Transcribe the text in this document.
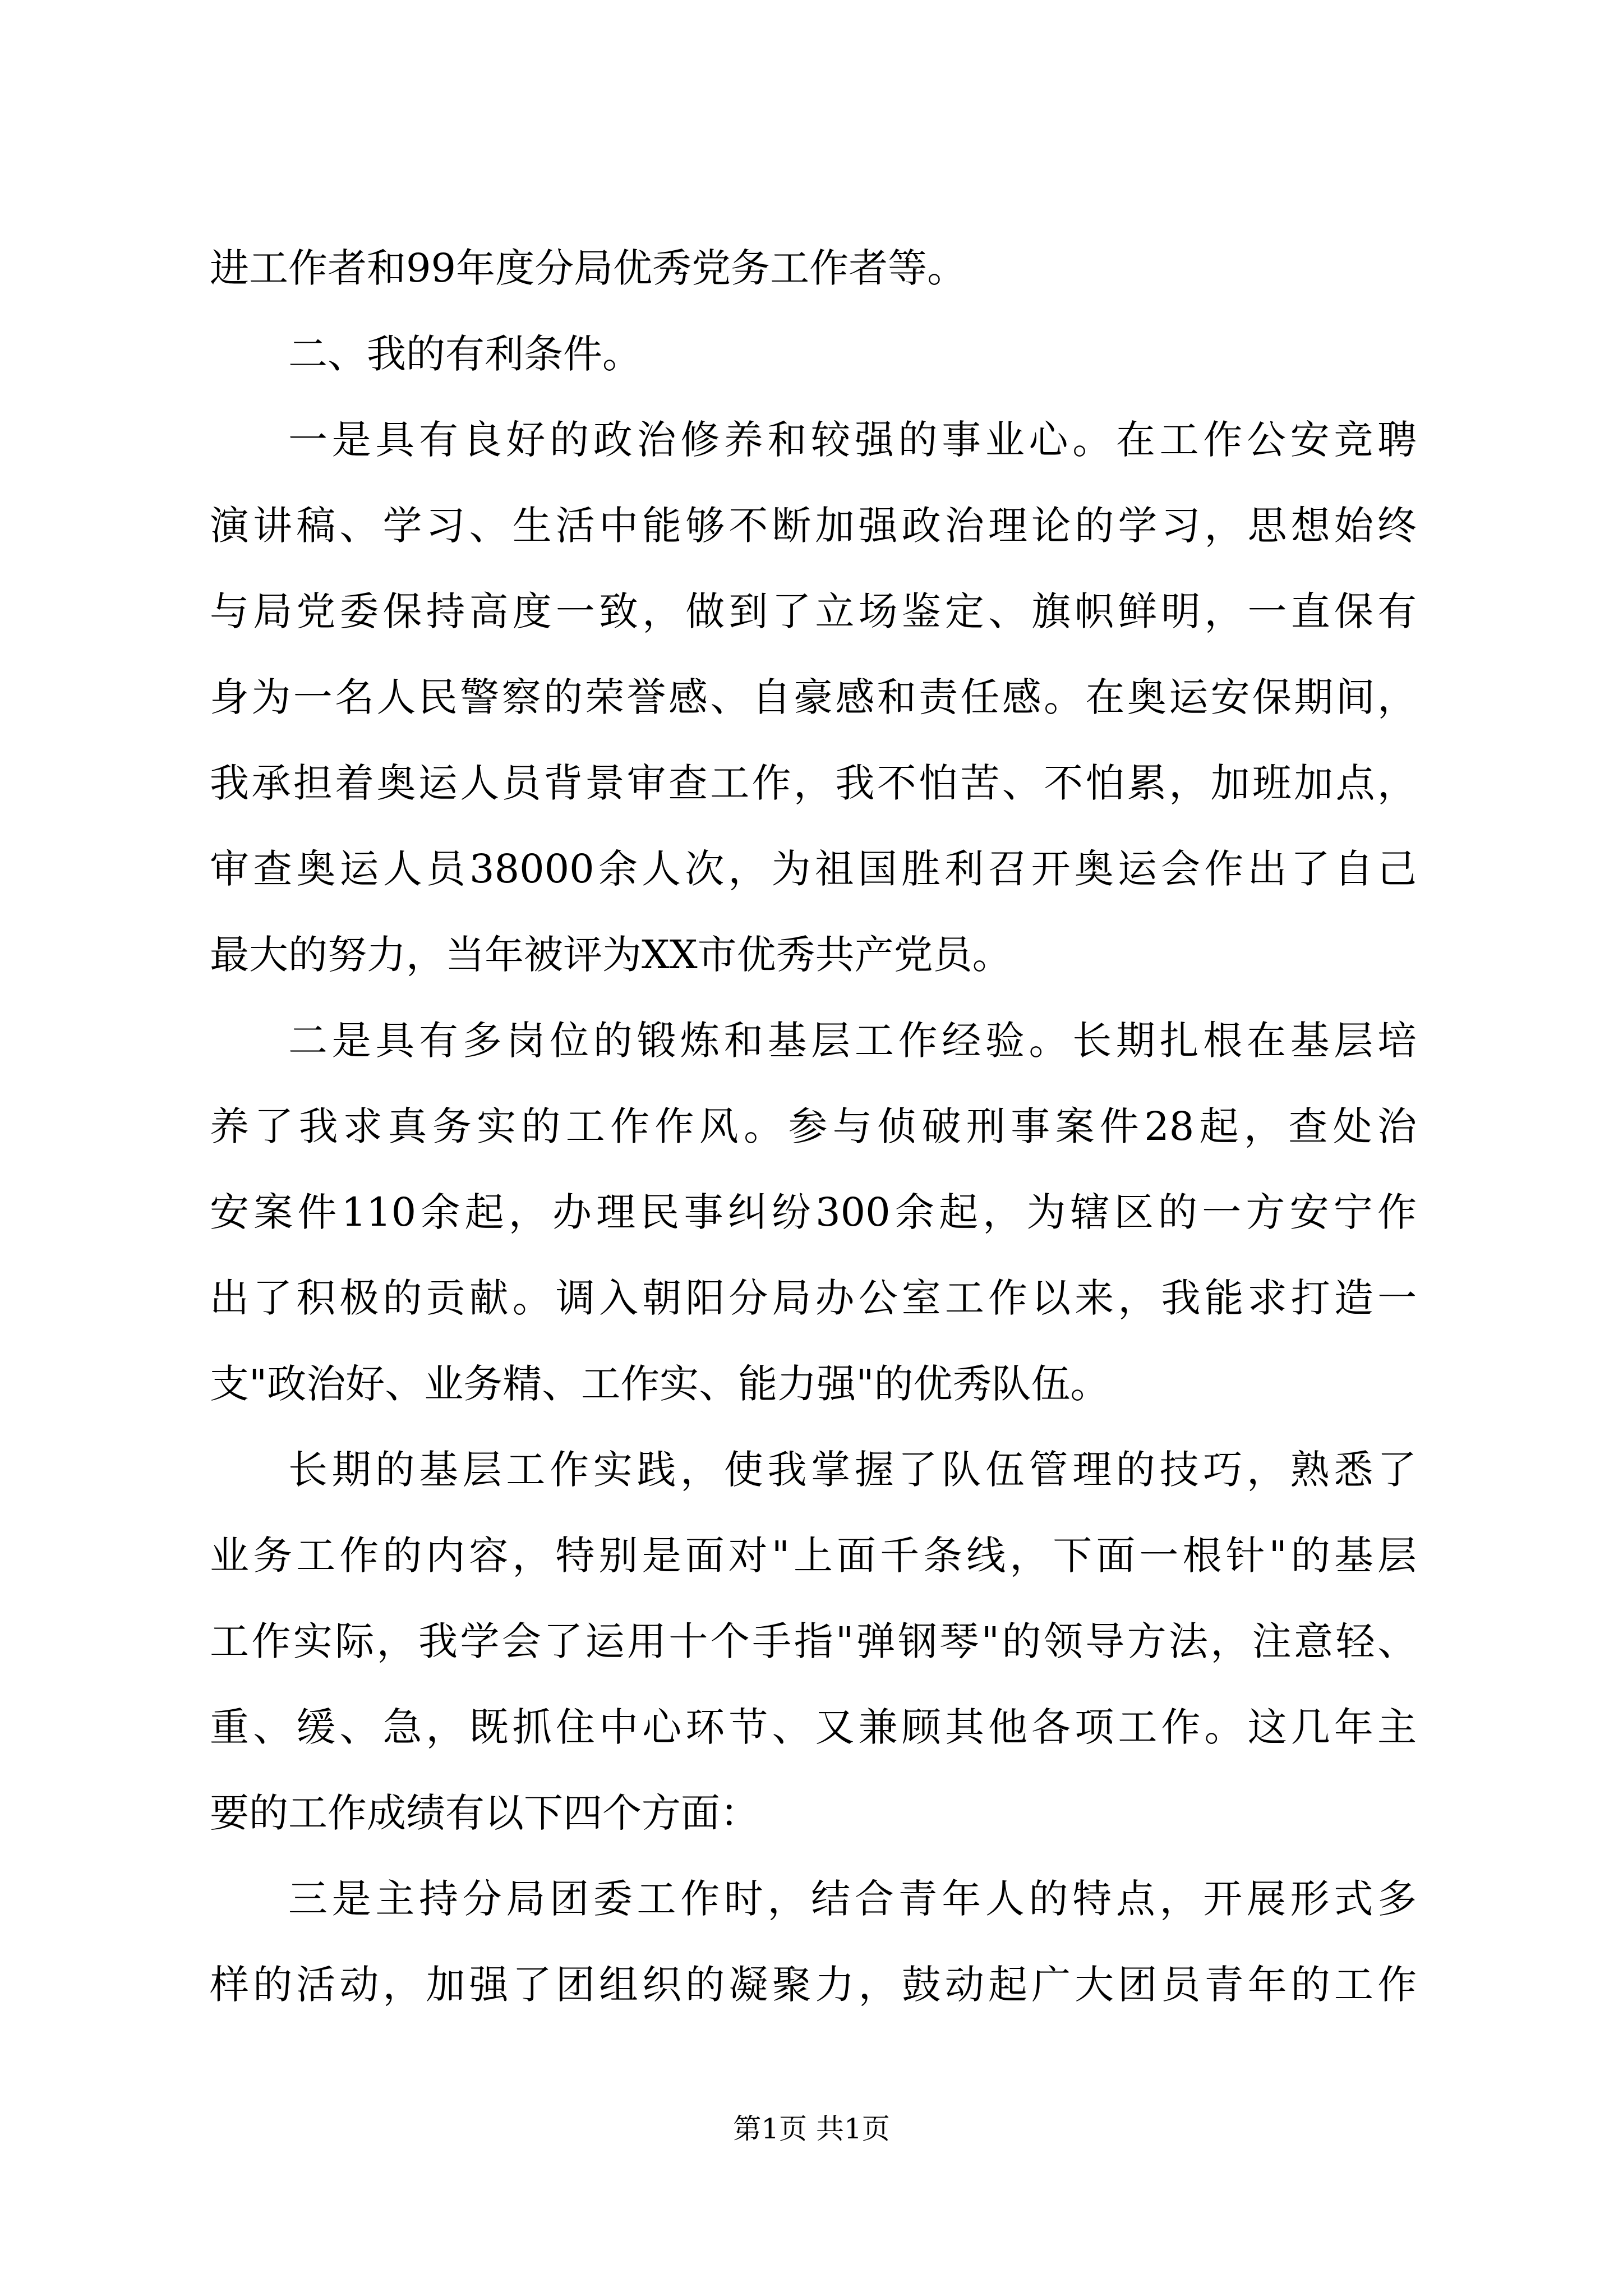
进工作者和99年度分局优秀党务工作者等。
二、我的有利条件。
一是具有良好的政治修养和较强的事业心。在工作公安竞聘
演讲稿、学习、生活中能够不断加强政治理论的学习，思想始终
与局党委保持高度一致，做到了立场鉴定、旗帜鲜明，一直保有
身为一名人民警察的荣誉感、自豪感和责任感。在奥运安保期间，
我承担着奥运人员背景审查工作，我不怕苦、不怕累，加班加点，
审查奥运人员38000余人次，为祖国胜利召开奥运会作出了自己
最大的努力，当年被评为XX市优秀共产党员。
二是具有多岗位的锻炼和基层工作经验。长期扎根在基层培
养了我求真务实的工作作风。参与侦破刑事案件28起，查处治
安案件110余起，办理民事纠纷300余起，为辖区的一方安宁作
出了积极的贡献。调入朝阳分局办公室工作以来，我能求打造一
支"政治好、业务精、工作实、能力强"的优秀队伍。
长期的基层工作实践，使我掌握了队伍管理的技巧，熟悉了
业务工作的内容，特别是面对"上面千条线，下面一根针"的基层
工作实际，我学会了运用十个手指"弹钢琴"的领导方法，注意轻、
重、缓、急，既抓住中心环节、又兼顾其他各项工作。这几年主
要的工作成绩有以下四个方面：
三是主持分局团委工作时，结合青年人的特点，开展形式多
样的活动，加强了团组织的凝聚力，鼓动起广大团员青年的工作
第1页 共1页
